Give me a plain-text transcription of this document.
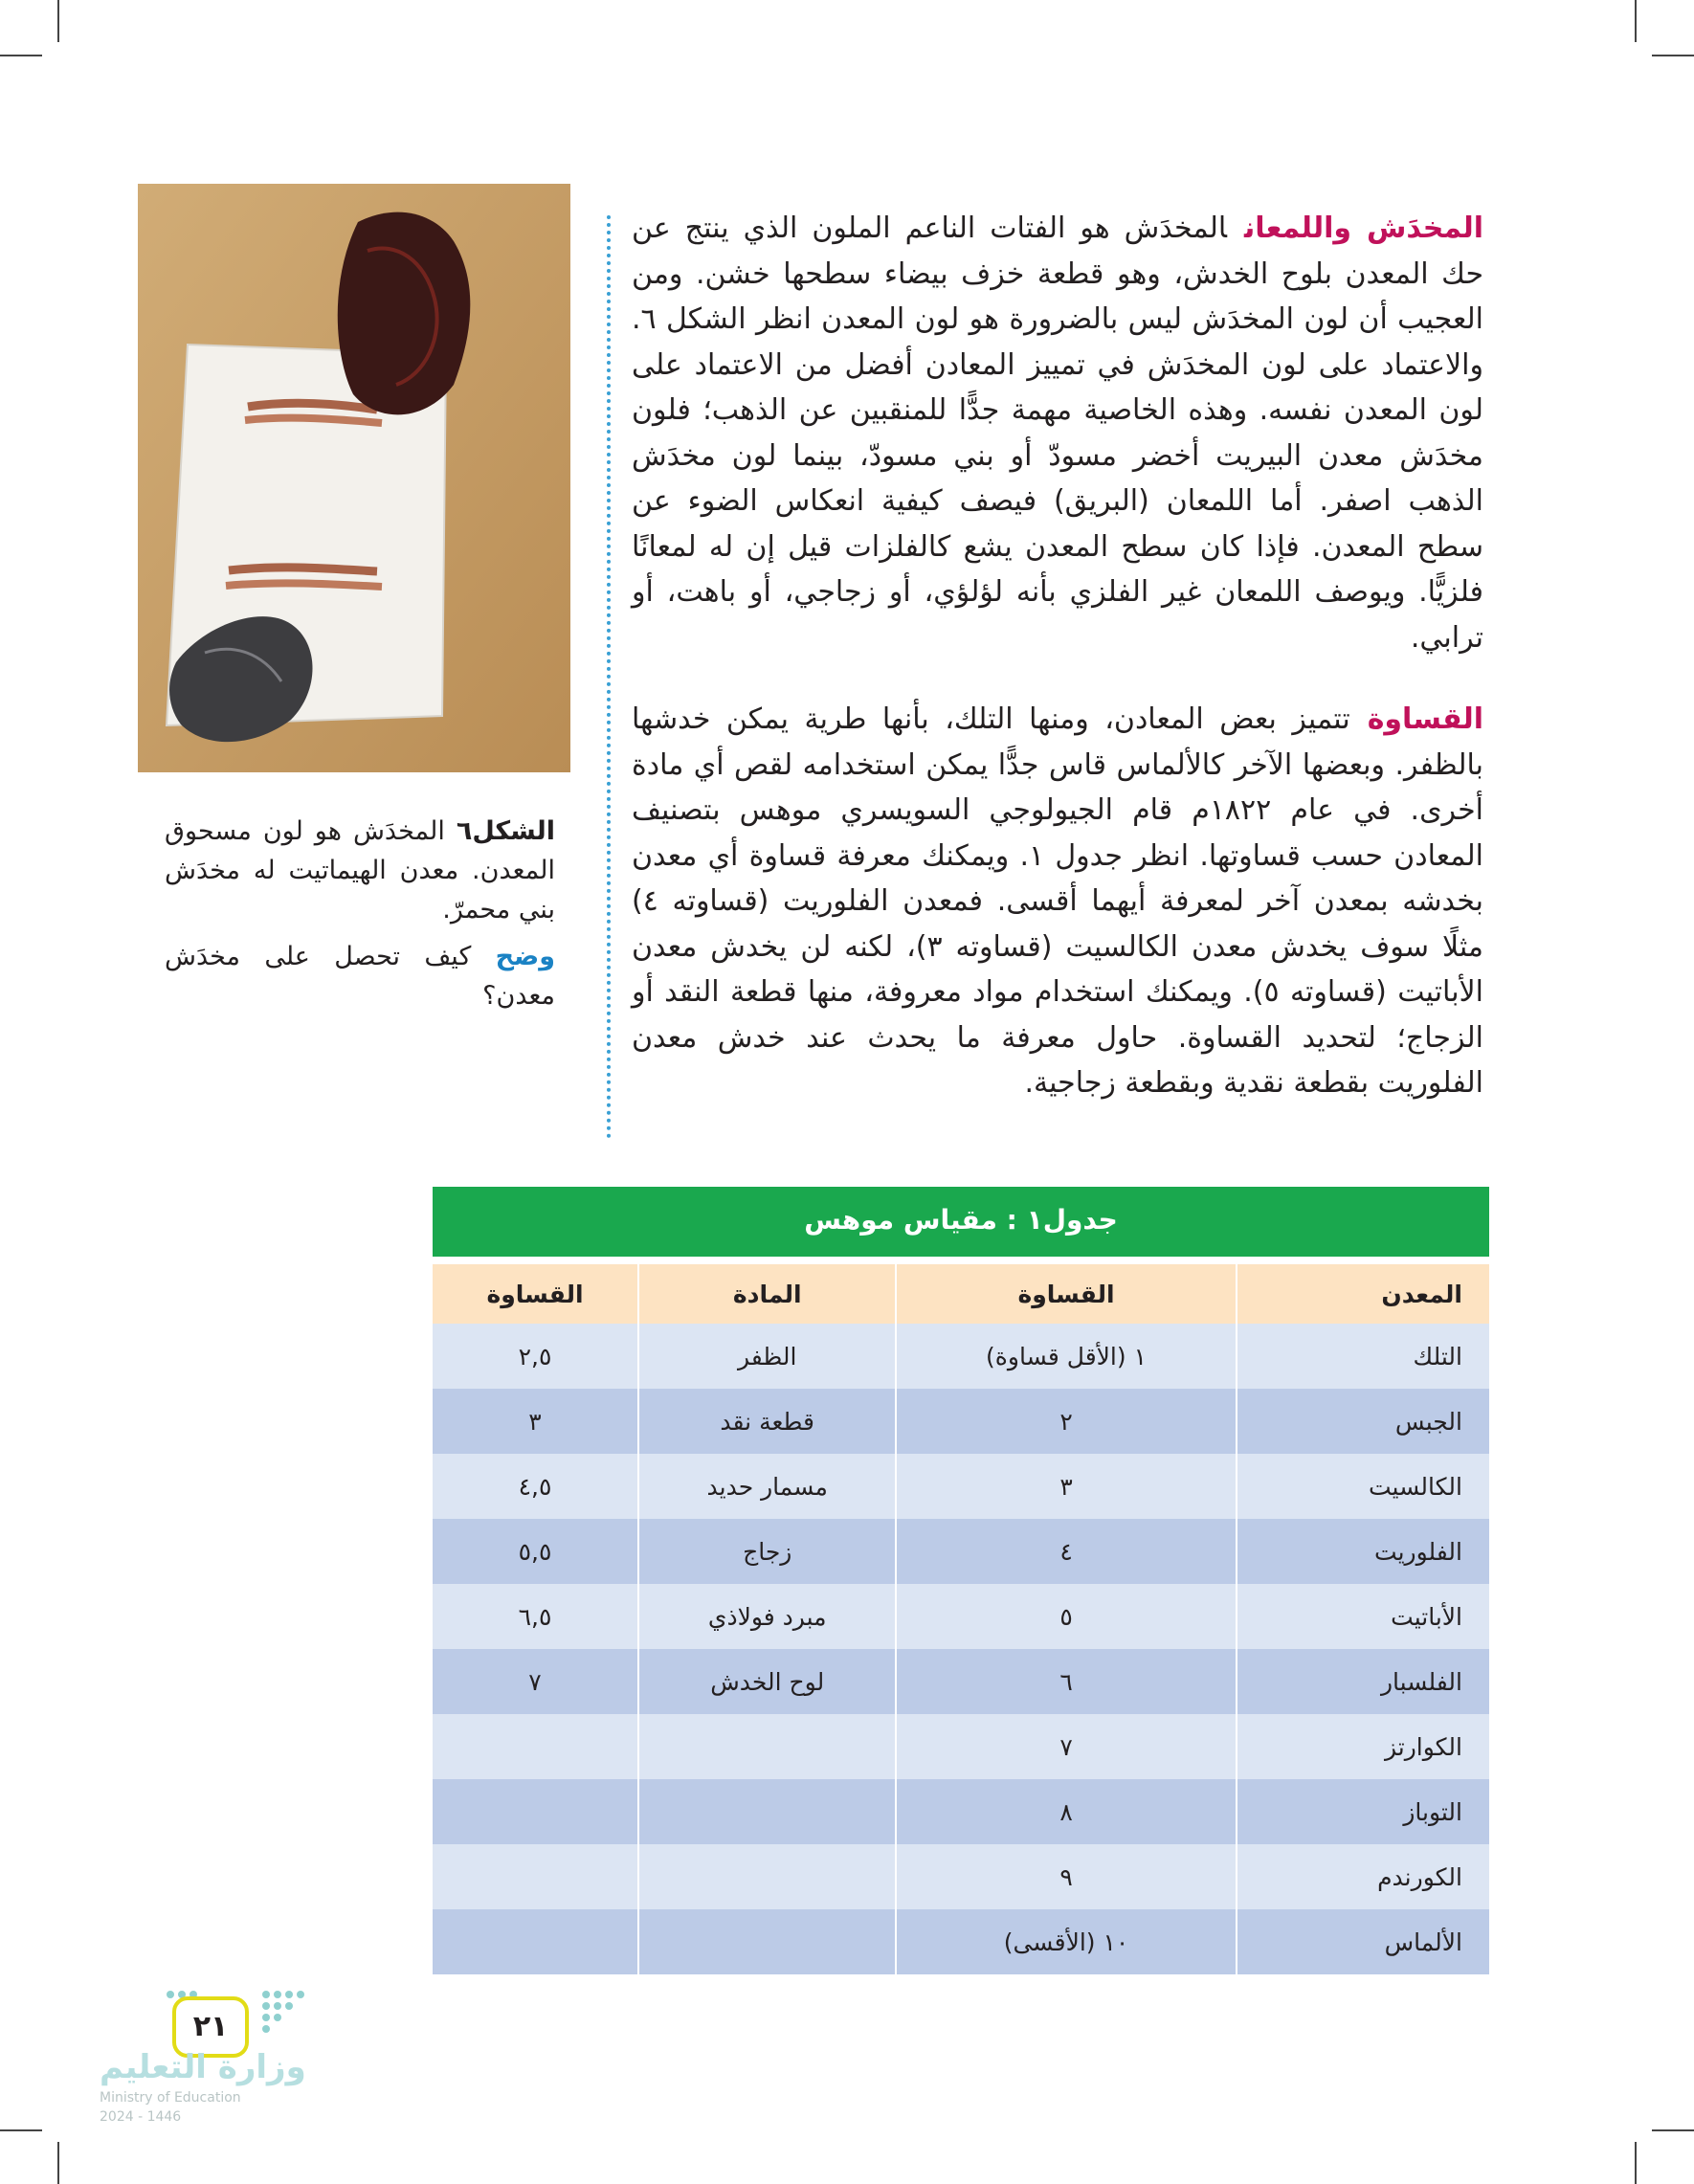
المخدَش واللمعانالمخدَش هو الفتات الناعم الملون الذي ينتج عن حك المعدن بلوح الخدش، وهو قطعة خزف بيضاء سطحها خشن. ومن العجيب أن لون المخدَش ليس بالضرورة هو لون المعدن انظر الشكل ٦. والاعتماد على لون المخدَش في تمييز المعادن أفضل من الاعتماد على لون المعدن نفسه. وهذه الخاصية مهمة جدًّا للمنقبين عن الذهب؛ فلون مخدَش معدن البيريت أخضر مسودّ أو بني مسودّ، بينما لون مخدَش الذهب اصفر. أما اللمعان (البريق) فيصف كيفية انعكاس الضوء عن سطح المعدن. فإذا كان سطح المعدن يشع كالفلزات قيل إن له لمعانًا فلزيًّا. ويوصف اللمعان غير الفلزي بأنه لؤلؤي، أو زجاجي، أو باهت، أو ترابي.

القساوةتتميز بعض المعادن، ومنها التلك، بأنها طرية يمكن خدشها بالظفر. وبعضها الآخر كالألماس قاس جدًّا يمكن استخدامه لقص أي مادة أخرى. في عام ١٨٢٢م قام الجيولوجي السويسري موهس بتصنيف المعادن حسب قساوتها. انظر جدول ١. ويمكنك معرفة قساوة أي معدن بخدشه بمعدن آخر لمعرفة أيهما أقسى. فمعدن الفلوريت (قساوته ٤) مثلًا سوف يخدش معدن الكالسيت (قساوته ٣)، لكنه لن يخدش معدن الأباتيت (قساوته ٥). ويمكنك استخدام مواد معروفة، منها قطعة النقد أو الزجاج؛ لتحديد القساوة. حاول معرفة ما يحدث عند خدش معدن الفلوريت بقطعة نقدية وبقطعة زجاجية.

الشكل٦ المخدَش هو لون مسحوق المعدن. معدن الهيماتيت له مخدَش بني محمرّ.

وضح كيف تحصل على مخدَش معدن؟

جدول١ : مقياس موهس
المعدن	القساوة	المادة	القساوة
التلك	١ (الأقل قساوة)	الظفر	٢,٥
الجبس	٢	قطعة نقد	٣
الكالسيت	٣	مسمار حديد	٤,٥
الفلوريت	٤	زجاج	٥,٥
الأباتيت	٥	مبرد فولاذي	٦,٥
الفلسبار	٦	لوح الخدش	٧
الكوارتز	٧		
التوباز	٨		
الكورندم	٩		
الألماس	١٠ (الأقسى)		
٢١
وزارة التعليم
Ministry of Education
2024 - 1446
